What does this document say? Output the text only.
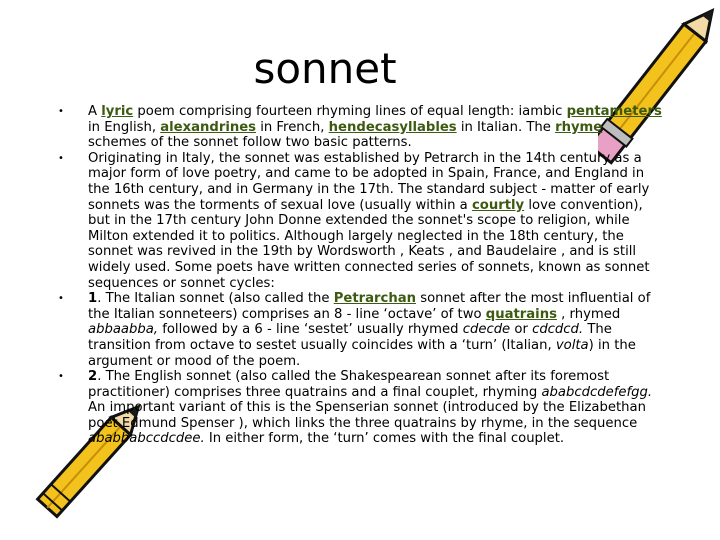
sonnet
•	A lyric poem comprising fourteen rhyming lines of equal length: iambic pentameters in English, alexandrines in French, hendecasyllables in Italian. The rhyme schemes of the sonnet follow two basic patterns.
•	Originating in Italy, the sonnet was established by Petrarch in the 14th century as a major form of love poetry, and came to be adopted in Spain, France, and England in the 16th century, and in Germany in the 17th. The standard subject - matter of early sonnets was the torments of sexual love (usually within a courtly love convention), but in the 17th century John Donne extended the sonnet's scope to religion, while Milton extended it to politics. Although largely neglected in the 18th century, the sonnet was revived in the 19th by Wordsworth , Keats , and Baudelaire , and is still widely used. Some poets have written connected series of sonnets, known as sonnet sequences or sonnet cycles:
•	1. The Italian sonnet (also called the Petrarchan sonnet after the most influential of the Italian sonneteers) comprises an 8 - line ‘octave’ of two quatrains , rhymed abbaabba, followed by a 6 - line ‘sestet’ usually rhymed cdecde or cdcdcd. The transition from octave to sestet usually coincides with a ‘turn’ (Italian, volta) in the argument or mood of the poem.
•	2. The English sonnet (also called the Shakespearean sonnet after its foremost practitioner) comprises three quatrains and a final couplet, rhyming ababcdcdefefgg. An important variant of this is the Spenserian sonnet (introduced by the Elizabethan poet Edmund Spenser ), which links the three quatrains by rhyme, in the sequence ababbabccdcdee. In either form, the ‘turn’ comes with the final couplet.
